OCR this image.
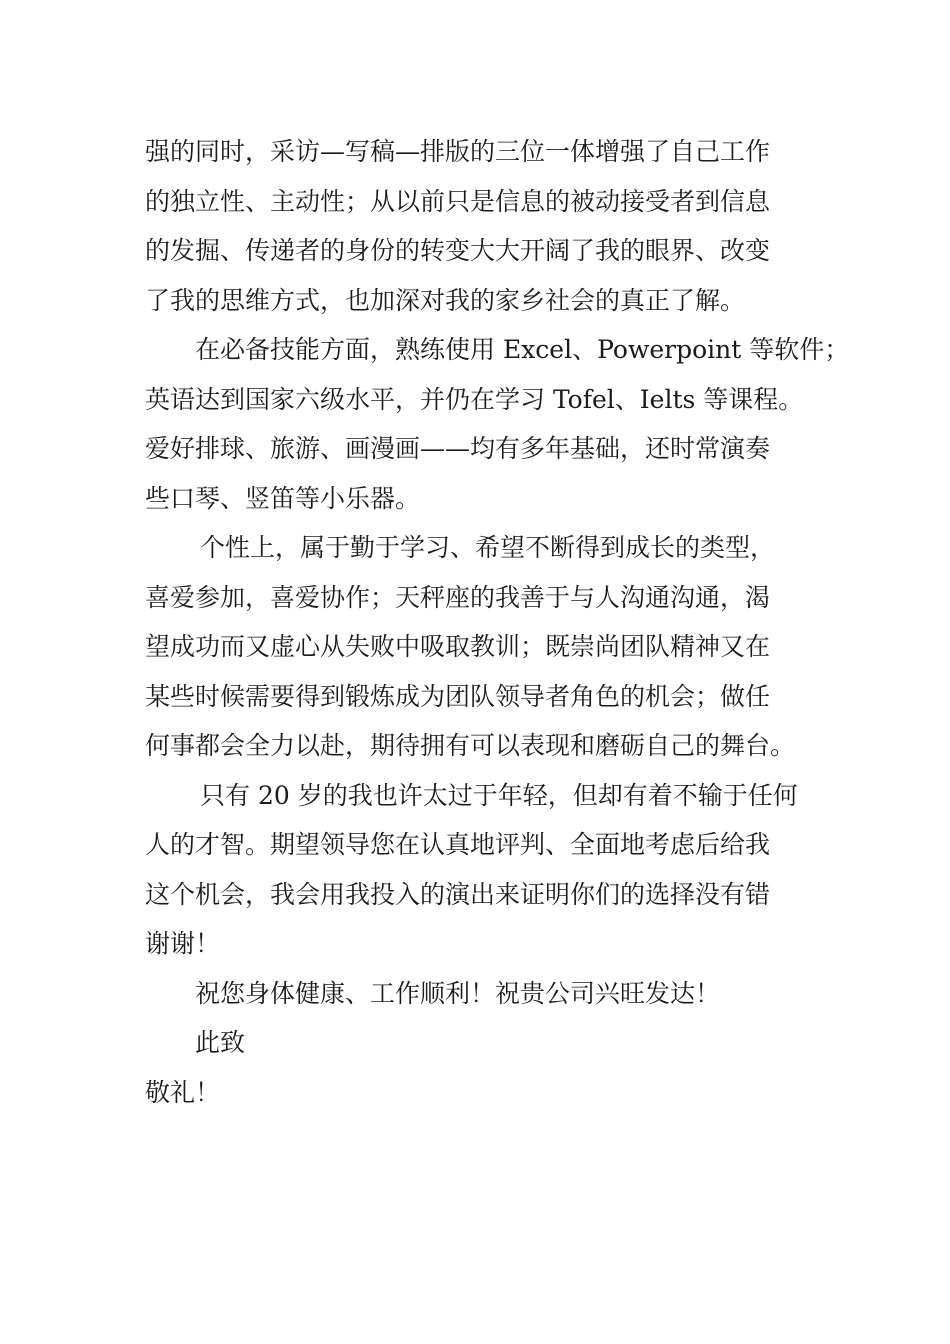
强的同时，采访—写稿—排版的三位一体增强了自己工作
的独立性、主动性；从以前只是信息的被动接受者到信息
的发掘、传递者的身份的转变大大开阔了我的眼界、改变
了我的思维方式，也加深对我的家乡社会的真正了解。
在必备技能方面，熟练使用 Excel、Powerpoint 等软件；
英语达到国家六级水平，并仍在学习 Tofel、Ielts 等课程。
爱好排球、旅游、画漫画——均有多年基础，还时常演奏
些口琴、竖笛等小乐器。
个性上，属于勤于学习、希望不断得到成长的类型，
喜爱参加，喜爱协作；天秤座的我善于与人沟通沟通，渴
望成功而又虚心从失败中吸取教训；既崇尚团队精神又在
某些时候需要得到锻炼成为团队领导者角色的机会；做任
何事都会全力以赴，期待拥有可以表现和磨砺自己的舞台。
只有 20 岁的我也许太过于年轻，但却有着不输于任何
人的才智。期望领导您在认真地评判、全面地考虑后给我
这个机会，我会用我投入的演出来证明你们的选择没有错
谢谢！
祝您身体健康、工作顺利！祝贵公司兴旺发达！
此致
敬礼！
